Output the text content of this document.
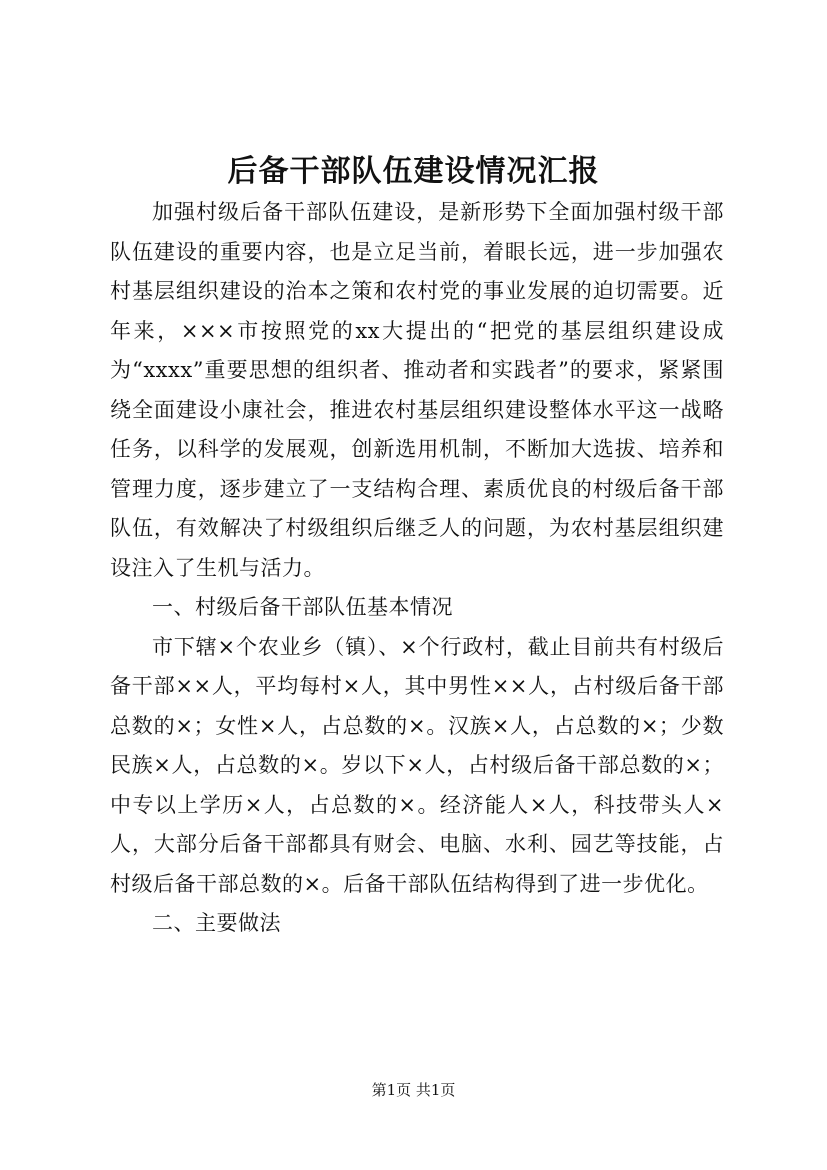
后备干部队伍建设情况汇报

加强村级后备干部队伍建设，是新形势下全面加强村级干部队伍建设的重要内容，也是立足当前，着眼长远，进一步加强农村基层组织建设的治本之策和农村党的事业发展的迫切需要。近年来，×××市按照党的xx大提出的“把党的基层组织建设成为“xxxx”重要思想的组织者、推动者和实践者”的要求，紧紧围绕全面建设小康社会，推进农村基层组织建设整体水平这一战略任务，以科学的发展观，创新选用机制，不断加大选拔、培养和管理力度，逐步建立了一支结构合理、素质优良的村级后备干部队伍，有效解决了村级组织后继乏人的问题，为农村基层组织建设注入了生机与活力。

一、村级后备干部队伍基本情况

市下辖×个农业乡（镇）、×个行政村，截止目前共有村级后备干部××人，平均每村×人，其中男性××人，占村级后备干部总数的×；女性×人，占总数的×。汉族×人，占总数的×；少数民族×人，占总数的×。岁以下×人，占村级后备干部总数的×；中专以上学历×人，占总数的×。经济能人×人，科技带头人×人，大部分后备干部都具有财会、电脑、水利、园艺等技能，占村级后备干部总数的×。后备干部队伍结构得到了进一步优化。

二、主要做法

第1页 共1页
